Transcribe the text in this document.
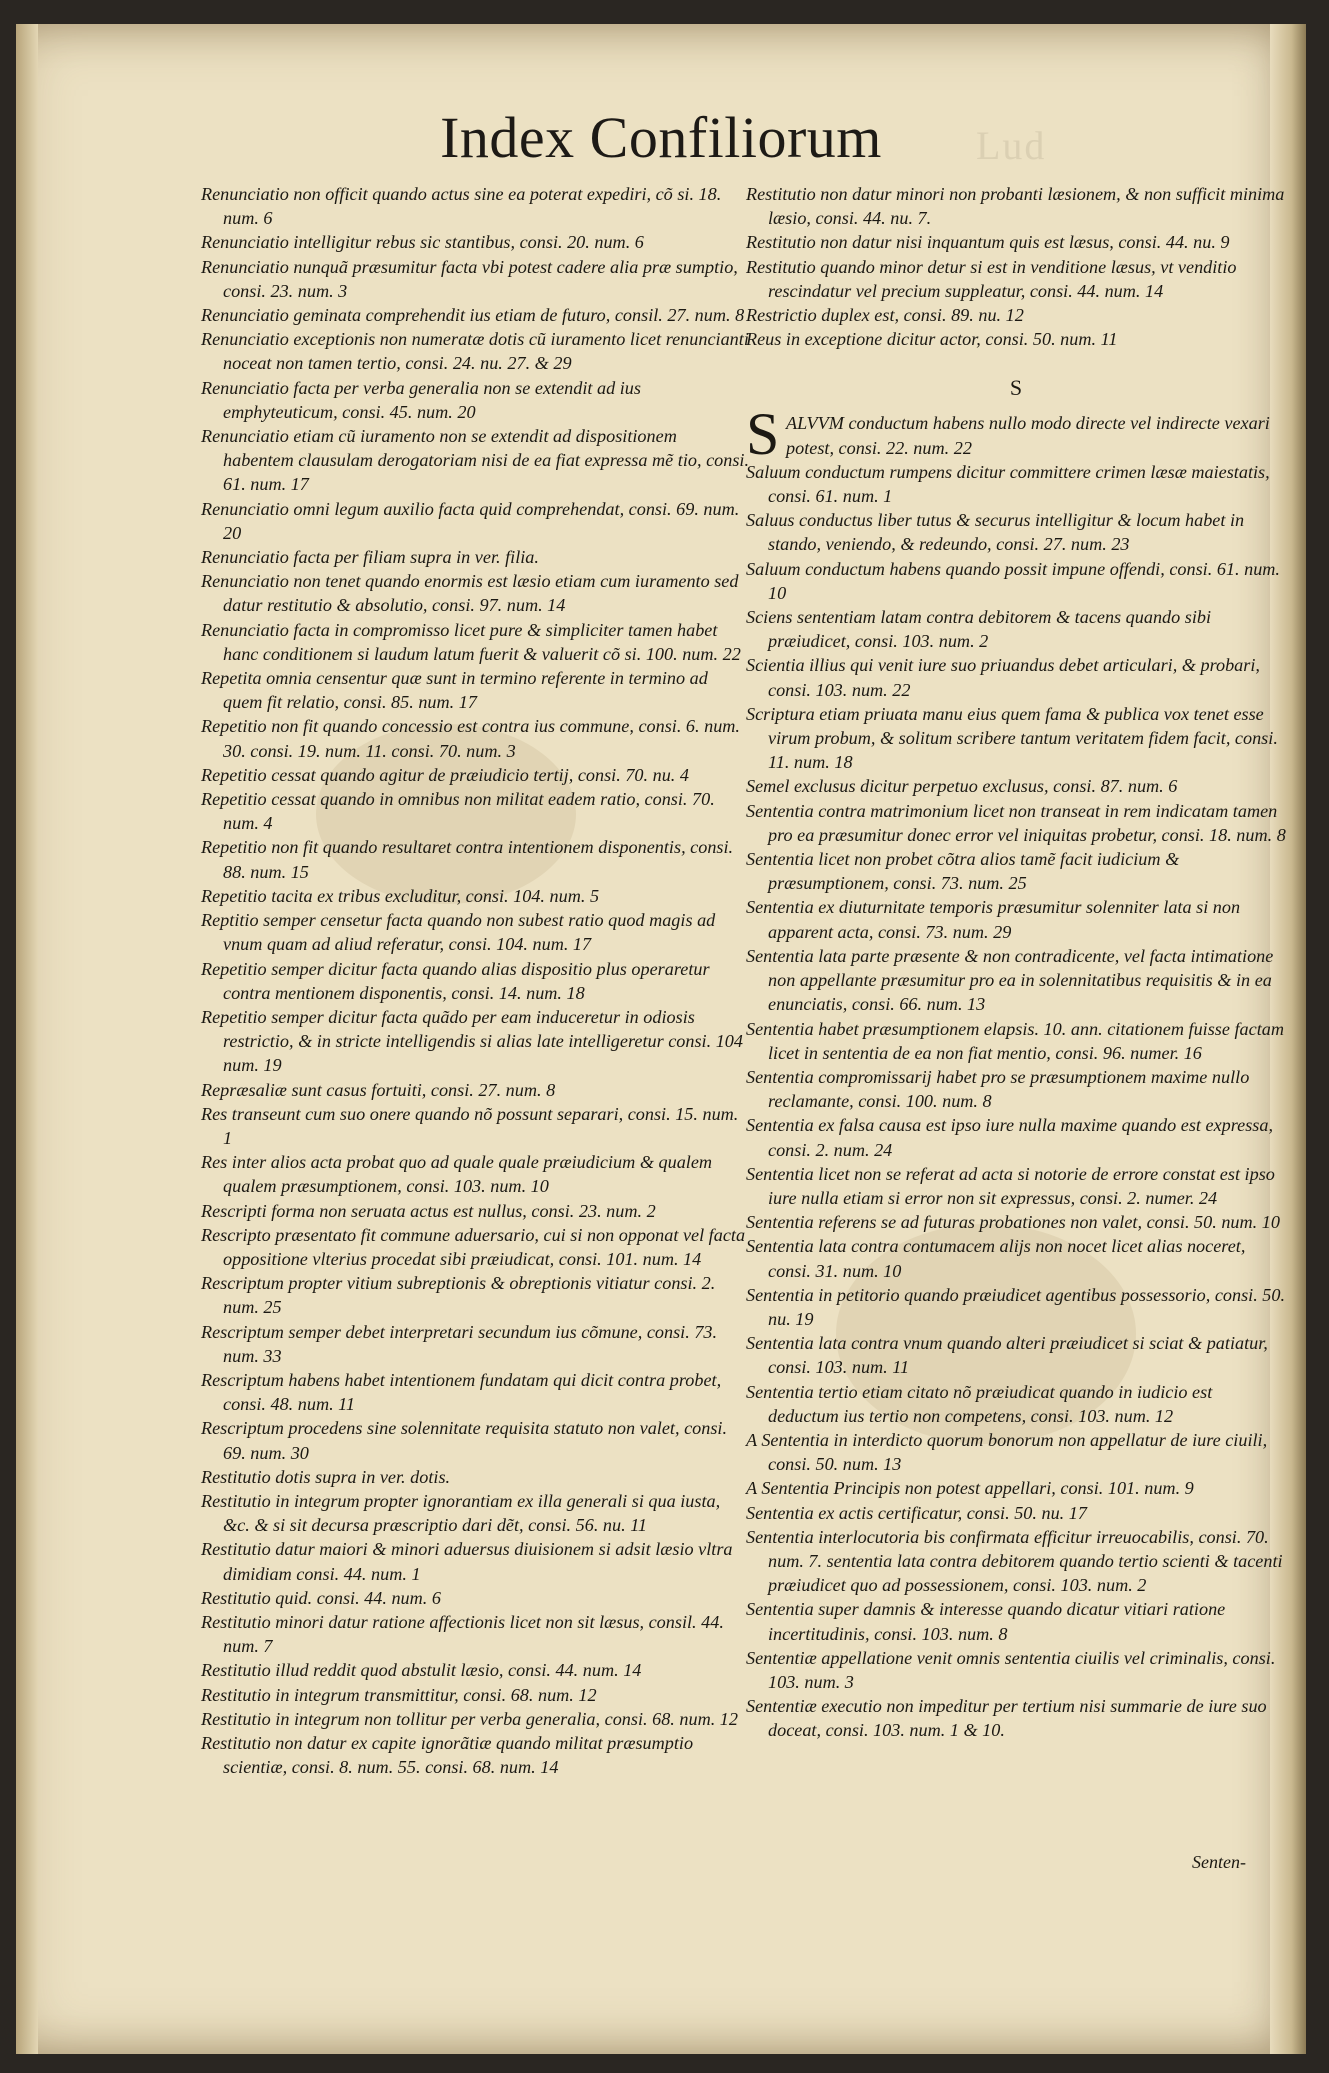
Lud
Index Confiliorum

Renunciatio non officit quando actus sine ea poterat expediri, cõ si. 18. num. 6

Renunciatio intelligitur rebus sic stantibus, consi. 20. num. 6

Renunciatio nunquã præsumitur facta vbi potest cadere alia præ sumptio, consi. 23. num. 3

Renunciatio geminata comprehendit ius etiam de futuro, consil. 27. num. 8

Renunciatio exceptionis non numeratæ dotis cũ iuramento licet renuncianti noceat non tamen tertio, consi. 24. nu. 27. & 29

Renunciatio facta per verba generalia non se extendit ad ius emphyteuticum, consi. 45. num. 20

Renunciatio etiam cũ iuramento non se extendit ad dispositionem habentem clausulam derogatoriam nisi de ea fiat expressa mẽ tio, consi. 61. num. 17

Renunciatio omni legum auxilio facta quid comprehendat, consi. 69. num. 20

Renunciatio facta per filiam supra in ver. filia.

Renunciatio non tenet quando enormis est læsio etiam cum iuramento sed datur restitutio & absolutio, consi. 97. num. 14

Renunciatio facta in compromisso licet pure & simpliciter tamen habet hanc conditionem si laudum latum fuerit & valuerit cõ si. 100. num. 22

Repetita omnia censentur quæ sunt in termino referente in termino ad quem fit relatio, consi. 85. num. 17

Repetitio non fit quando concessio est contra ius commune, consi. 6. num. 30. consi. 19. num. 11. consi. 70. num. 3

Repetitio cessat quando agitur de præiudicio tertij, consi. 70. nu. 4

Repetitio cessat quando in omnibus non militat eadem ratio, consi. 70. num. 4

Repetitio non fit quando resultaret contra intentionem disponentis, consi. 88. num. 15

Repetitio tacita ex tribus excluditur, consi. 104. num. 5

Reptitio semper censetur facta quando non subest ratio quod magis ad vnum quam ad aliud referatur, consi. 104. num. 17

Repetitio semper dicitur facta quando alias dispositio plus operaretur contra mentionem disponentis, consi. 14. num. 18

Repetitio semper dicitur facta quãdo per eam induceretur in odiosis restrictio, & in stricte intelligendis si alias late intelligeretur consi. 104 num. 19

Repræsaliæ sunt casus fortuiti, consi. 27. num. 8

Res transeunt cum suo onere quando nõ possunt separari, consi. 15. num. 1

Res inter alios acta probat quo ad quale quale præiudicium & qualem qualem præsumptionem, consi. 103. num. 10

Rescripti forma non seruata actus est nullus, consi. 23. num. 2

Rescripto præsentato fit commune aduersario, cui si non opponat vel facta oppositione vlterius procedat sibi præiudicat, consi. 101. num. 14

Rescriptum propter vitium subreptionis & obreptionis vitiatur consi. 2. num. 25

Rescriptum semper debet interpretari secundum ius cõmune, consi. 73. num. 33

Rescriptum habens habet intentionem fundatam qui dicit contra probet, consi. 48. num. 11

Rescriptum procedens sine solennitate requisita statuto non valet, consi. 69. num. 30

Restitutio dotis supra in ver. dotis.

Restitutio in integrum propter ignorantiam ex illa generali si qua iusta, &c. & si sit decursa præscriptio dari dẽt, consi. 56. nu. 11

Restitutio datur maiori & minori aduersus diuisionem si adsit læsio vltra dimidiam consi. 44. num. 1

Restitutio quid. consi. 44. num. 6

Restitutio minori datur ratione affectionis licet non sit læsus, consil. 44. num. 7

Restitutio illud reddit quod abstulit læsio, consi. 44. num. 14

Restitutio in integrum transmittitur, consi. 68. num. 12

Restitutio in integrum non tollitur per verba generalia, consi. 68. num. 12

Restitutio non datur ex capite ignorãtiæ quando militat præsumptio scientiæ, consi. 8. num. 55. consi. 68. num. 14

Restitutio non datur minori non probanti læsionem, & non sufficit minima læsio, consi. 44. nu. 7.

Restitutio non datur nisi inquantum quis est læsus, consi. 44. nu. 9

Restitutio quando minor detur si est in venditione læsus, vt venditio rescindatur vel precium suppleatur, consi. 44. num. 14

Restrictio duplex est, consi. 89. nu. 12

Reus in exceptione dicitur actor, consi. 50. num. 11

S

S ALVVM conductum habens nullo modo directe vel indirecte vexari potest, consi. 22. num. 22

Saluum conductum rumpens dicitur committere crimen læsæ maiestatis, consi. 61. num. 1

Saluus conductus liber tutus & securus intelligitur & locum habet in stando, veniendo, & redeundo, consi. 27. num. 23

Saluum conductum habens quando possit impune offendi, consi. 61. num. 10

Sciens sententiam latam contra debitorem & tacens quando sibi præiudicet, consi. 103. num. 2

Scientia illius qui venit iure suo priuandus debet articulari, & probari, consi. 103. num. 22

Scriptura etiam priuata manu eius quem fama & publica vox tenet esse virum probum, & solitum scribere tantum veritatem fidem facit, consi. 11. num. 18

Semel exclusus dicitur perpetuo exclusus, consi. 87. num. 6

Sententia contra matrimonium licet non transeat in rem indicatam tamen pro ea præsumitur donec error vel iniquitas probetur, consi. 18. num. 8

Sententia licet non probet cõtra alios tamẽ facit iudicium & præsumptionem, consi. 73. num. 25

Sententia ex diuturnitate temporis præsumitur solenniter lata si non apparent acta, consi. 73. num. 29

Sententia lata parte præsente & non contradicente, vel facta intimatione non appellante præsumitur pro ea in solennitatibus requisitis & in ea enunciatis, consi. 66. num. 13

Sententia habet præsumptionem elapsis. 10. ann. citationem fuisse factam licet in sententia de ea non fiat mentio, consi. 96. numer. 16

Sententia compromissarij habet pro se præsumptionem maxime nullo reclamante, consi. 100. num. 8

Sententia ex falsa causa est ipso iure nulla maxime quando est expressa, consi. 2. num. 24

Sententia licet non se referat ad acta si notorie de errore constat est ipso iure nulla etiam si error non sit expressus, consi. 2. numer. 24

Sententia referens se ad futuras probationes non valet, consi. 50. num. 10

Sententia lata contra contumacem alijs non nocet licet alias noceret, consi. 31. num. 10

Sententia in petitorio quando præiudicet agentibus possessorio, consi. 50. nu. 19

Sententia lata contra vnum quando alteri præiudicet si sciat & patiatur, consi. 103. num. 11

Sententia tertio etiam citato nõ præiudicat quando in iudicio est deductum ius tertio non competens, consi. 103. num. 12

A Sententia in interdicto quorum bonorum non appellatur de iure ciuili, consi. 50. num. 13

A Sententia Principis non potest appellari, consi. 101. num. 9

Sententia ex actis certificatur, consi. 50. nu. 17

Sententia interlocutoria bis confirmata efficitur irreuocabilis, consi. 70. num. 7. sententia lata contra debitorem quando tertio scienti & tacenti præiudicet quo ad possessionem, consi. 103. num. 2

Sententia super damnis & interesse quando dicatur vitiari ratione incertitudinis, consi. 103. num. 8

Sententiæ appellatione venit omnis sententia ciuilis vel criminalis, consi. 103. num. 3

Sententiæ executio non impeditur per tertium nisi summarie de iure suo doceat, consi. 103. num. 1 & 10.

Senten-
